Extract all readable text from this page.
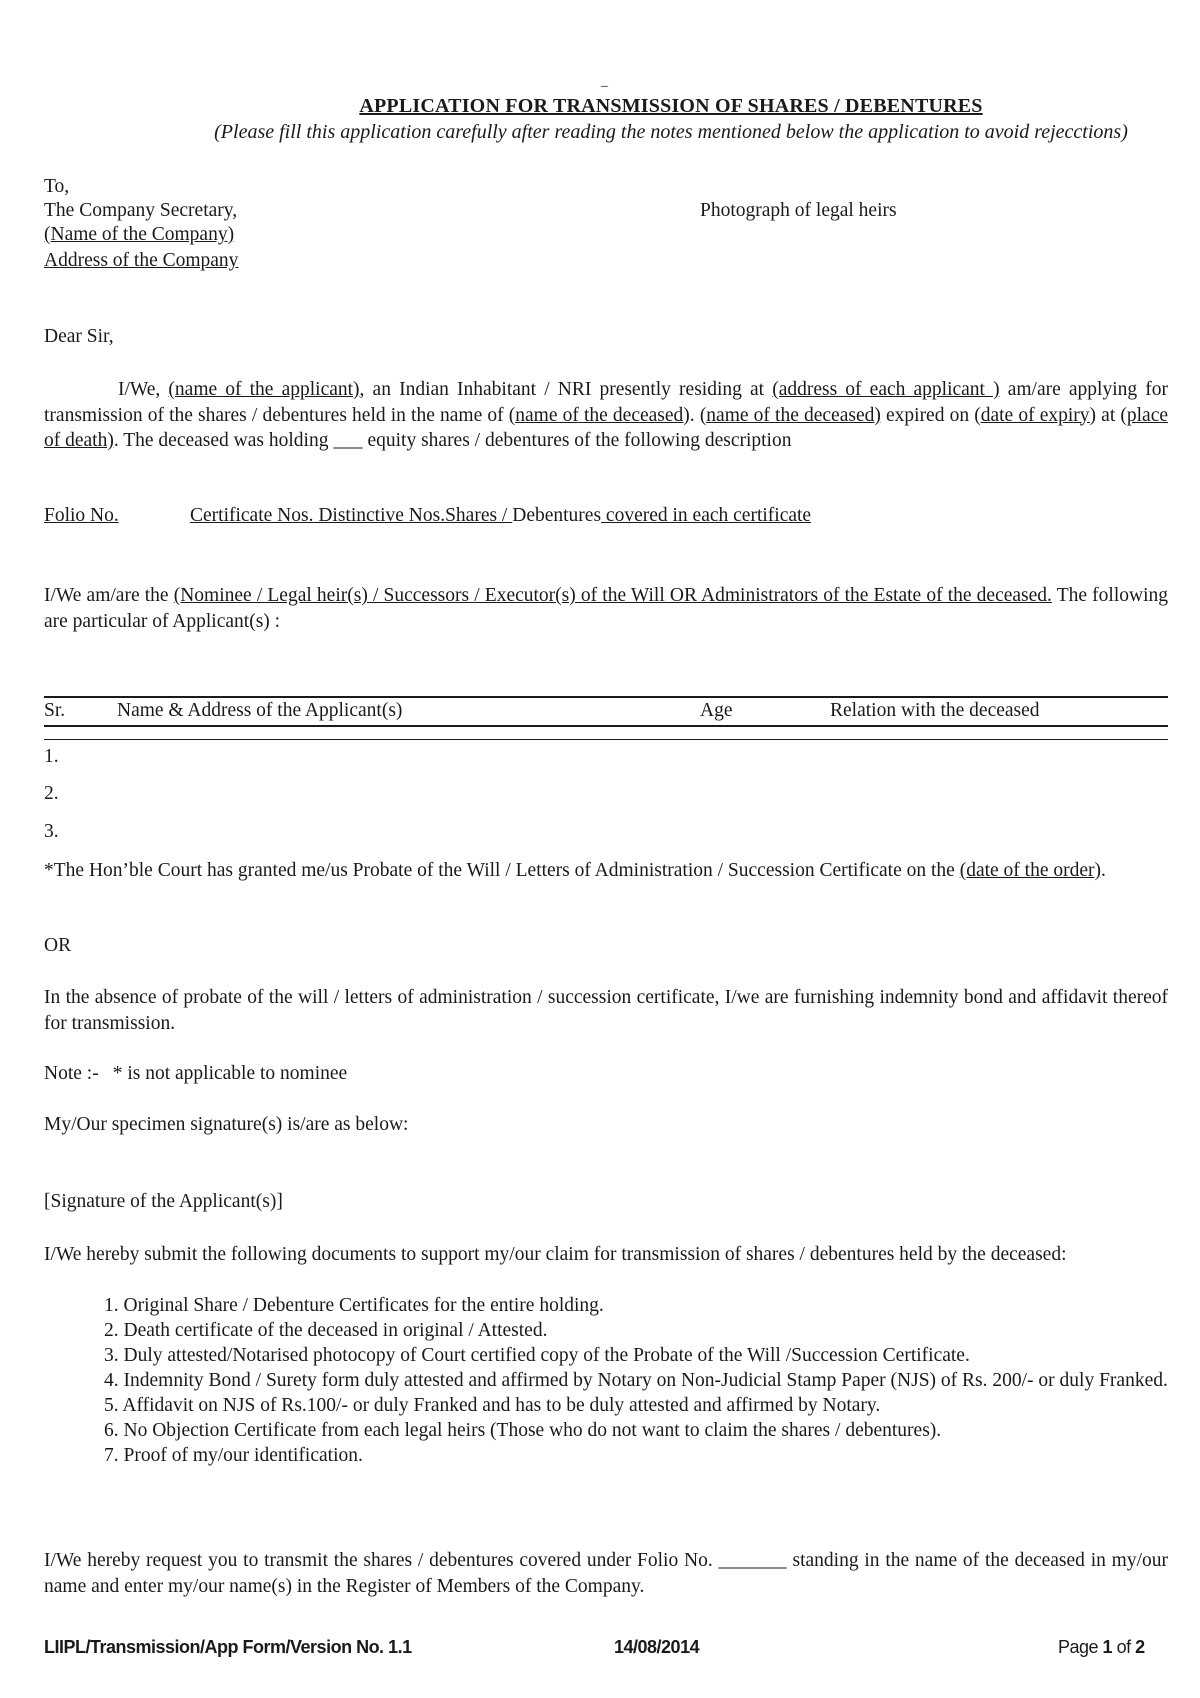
_
APPLICATION FOR TRANSMISSION OF SHARES / DEBENTURES
(Please fill this application carefully after reading the notes mentioned below the application to avoid rejecctions)
To,
The Company Secretary,
(Name of the Company)
Address of the Company
Photograph of legal heirs
Dear Sir,
I/We, (name of the applicant), an Indian Inhabitant / NRI presently residing at (address of each applicant ) am/are applying for transmission of the shares / debentures held in the name of (name of the deceased). (name of the deceased) expired on (date of expiry) at (place of death). The deceased was holding ___ equity shares / debentures of the following description
Folio No.	Certificate Nos. Distinctive Nos.Shares / Debentures covered in each certificate
I/We am/are the (Nominee / Legal heir(s) / Successors / Executor(s) of the Will OR Administrators of the Estate of the deceased. The following are particular of Applicant(s) :
Sr.	Name & Address of the Applicant(s)	Age	Relation with the deceased
1.
2.
3.
*The Hon’ble Court has granted me/us Probate of the Will / Letters of Administration / Succession Certificate on the (date of the order).
OR
In the absence of probate of the will / letters of administration / succession certificate, I/we are furnishing indemnity bond and affidavit thereof for transmission.
Note :- * is not applicable to nominee
My/Our specimen signature(s) is/are as below:
[Signature of the Applicant(s)]
I/We hereby submit the following documents to support my/our claim for transmission of shares / debentures held by the deceased:
1. Original Share / Debenture Certificates for the entire holding.
2. Death certificate of the deceased in original / Attested.
3. Duly attested/Notarised photocopy of Court certified copy of the Probate of the Will /Succession Certificate.
4. Indemnity Bond / Surety form duly attested and affirmed by Notary on Non-Judicial Stamp Paper (NJS) of Rs. 200/- or duly Franked.
5. Affidavit on NJS of Rs.100/- or duly Franked and has to be duly attested and affirmed by Notary.
6. No Objection Certificate from each legal heirs (Those who do not want to claim the shares / debentures).
7. Proof of my/our identification.
I/We hereby request you to transmit the shares / debentures covered under Folio No. _______ standing in the name of the deceased in my/our name and enter my/our name(s) in the Register of Members of the Company.
LIIPL/Transmission/App Form/Version No. 1.1	14/08/2014	Page 1 of 2
